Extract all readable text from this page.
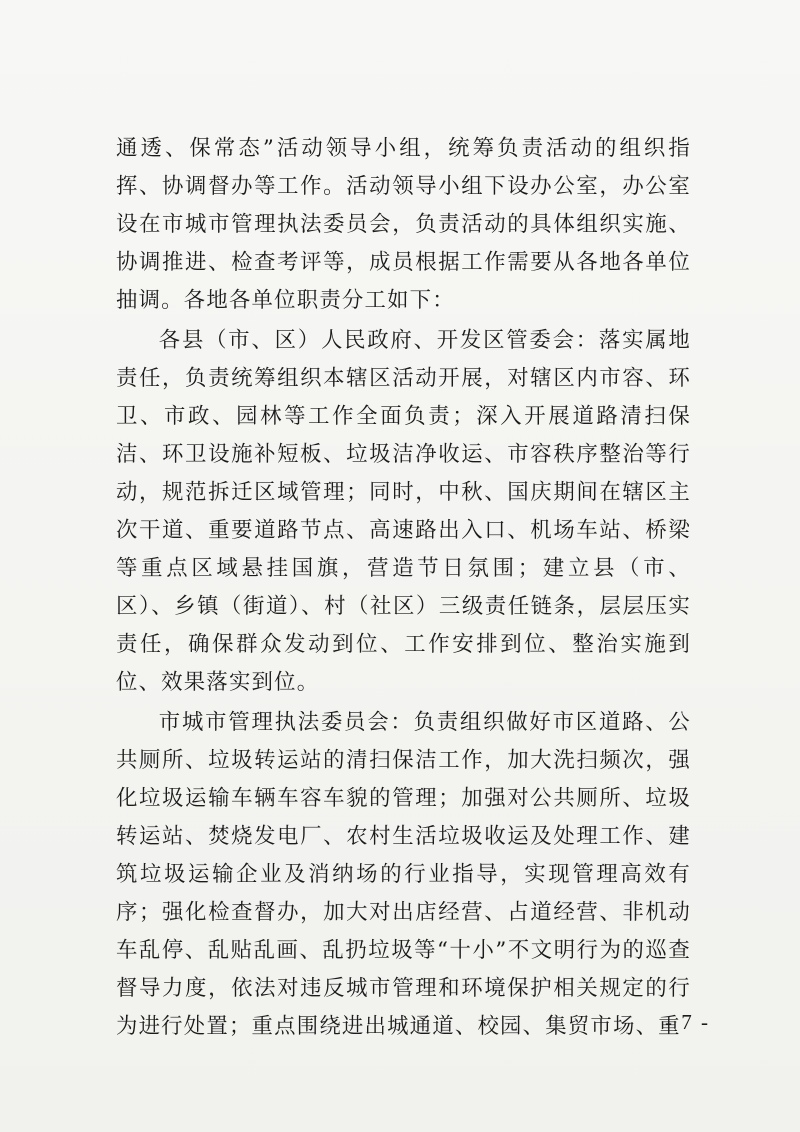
通透、保常态”活动领导小组，统筹负责活动的组织指挥、协调督办等工作。活动领导小组下设办公室，办公室设在市城市管理执法委员会，负责活动的具体组织实施、协调推进、检查考评等，成员根据工作需要从各地各单位抽调。各地各单位职责分工如下：

各县（市、区）人民政府、开发区管委会：落实属地责任，负责统筹组织本辖区活动开展，对辖区内市容、环卫、市政、园林等工作全面负责；深入开展道路清扫保洁、环卫设施补短板、垃圾洁净收运、市容秩序整治等行动，规范拆迁区域管理；同时，中秋、国庆期间在辖区主次干道、重要道路节点、高速路出入口、机场车站、桥梁等重点区域悬挂国旗，营造节日氛围；建立县（市、区）、乡镇（街道）、村（社区）三级责任链条，层层压实责任，确保群众发动到位、工作安排到位、整治实施到位、效果落实到位。

市城市管理执法委员会：负责组织做好市区道路、公共厕所、垃圾转运站的清扫保洁工作，加大洗扫频次，强化垃圾运输车辆车容车貌的管理；加强对公共厕所、垃圾转运站、焚烧发电厂、农村生活垃圾收运及处理工作、建筑垃圾运输企业及消纳场的行业指导，实现管理高效有序；强化检查督办，加大对出店经营、占道经营、非机动车乱停、乱贴乱画、乱扔垃圾等“十小”不文明行为的巡查督导力度，依法对违反城市管理和环境保护相关规定的行为进行处置；重点围绕进出城通道、校园、集贸市场、重

- 7 -
